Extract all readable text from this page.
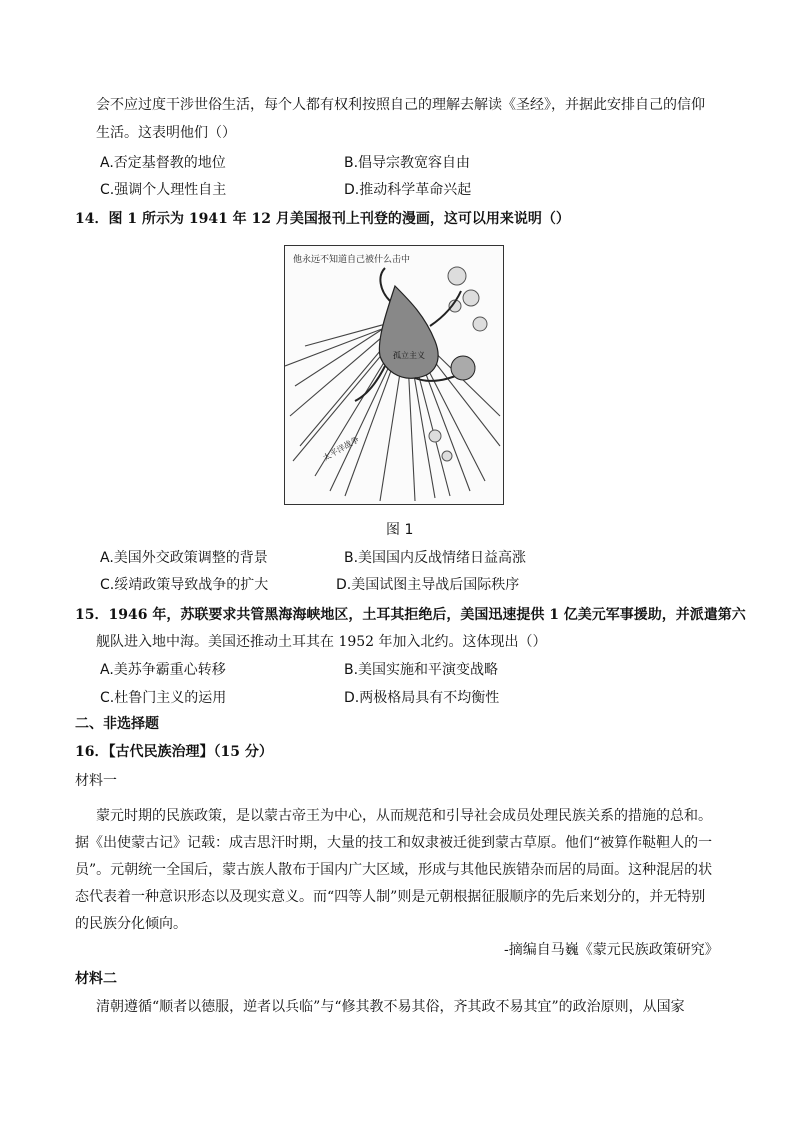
会不应过度干涉世俗生活，每个人都有权利按照自己的理解去解读《圣经》，并据此安排自己的信仰
生活。这表明他们（）
A.否定基督教的地位	B.倡导宗教宽容自由
C.强调个人理性自主	D.推动科学革命兴起
14．图 1 所示为 1941 年 12 月美国报刊上刊登的漫画，这可以用来说明（）
他永远不知道自己被什么击中
孤立主义
太平洋战争
图 1
A.美国外交政策调整的背景	B.美国国内反战情绪日益高涨
C.绥靖政策导致战争的扩大	D.美国试图主导战后国际秩序
15．1946 年，苏联要求共管黑海海峡地区，土耳其拒绝后，美国迅速提供 1 亿美元军事援助，并派遣第六
舰队进入地中海。美国还推动土耳其在 1952 年加入北约。这体现出（）
A.美苏争霸重心转移	B.美国实施和平演变战略
C.杜鲁门主义的运用	D.两极格局具有不均衡性
二、非选择题
16．【古代民族治理】（15 分）
材料一
蒙元时期的民族政策，是以蒙古帝王为中心，从而规范和引导社会成员处理民族关系的措施的总和。
据《出使蒙古记》记载：成吉思汗时期，大量的技工和奴隶被迁徙到蒙古草原。他们“被算作鞑靼人的一
员”。元朝统一全国后，蒙古族人散布于国内广大区域，形成与其他民族错杂而居的局面。这种混居的状
态代表着一种意识形态以及现实意义。而“四等人制”则是元朝根据征服顺序的先后来划分的，并无特别
的民族分化倾向。
-摘编自马巍《蒙元民族政策研究》
材料二
清朝遵循“顺者以德服，逆者以兵临”与“修其教不易其俗，齐其政不易其宜”的政治原则，从国家
